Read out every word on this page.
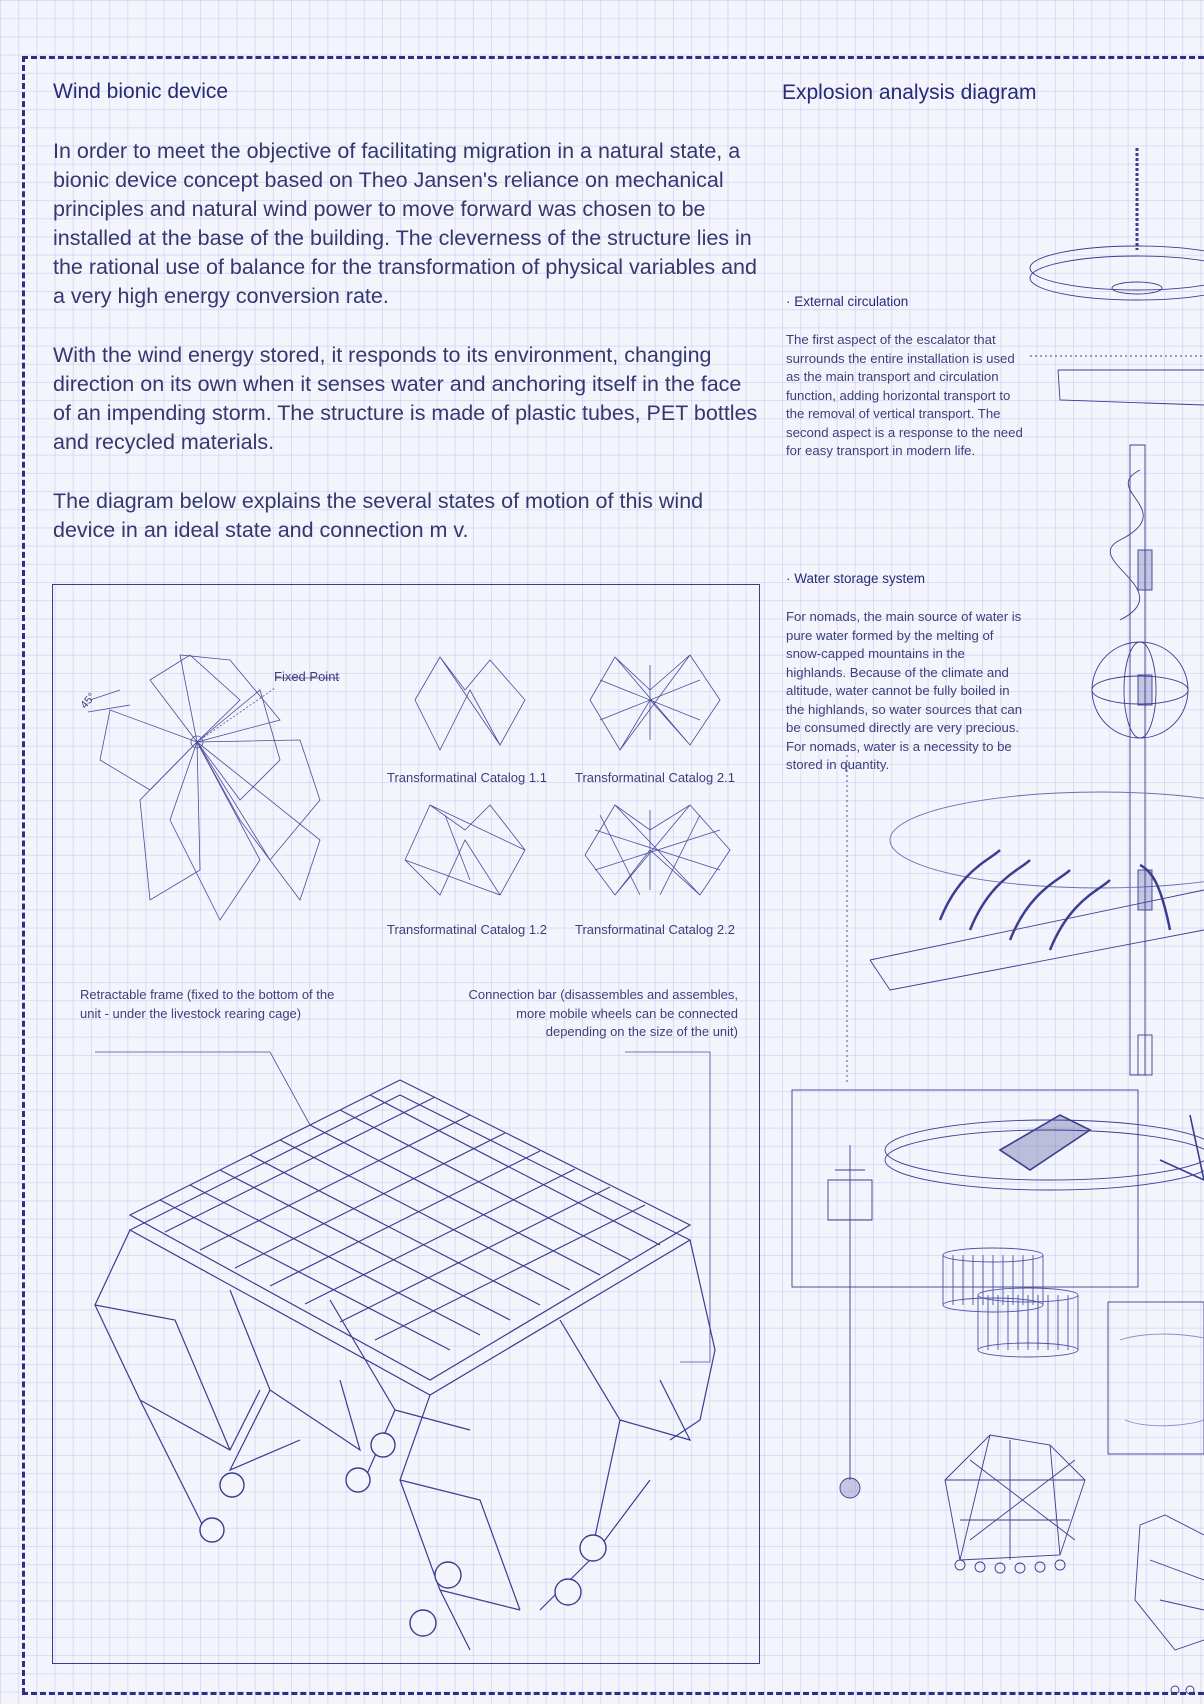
Wind bionic device

In order to meet the objective of facilitating migration in a natural state, a bionic device concept based on Theo Jansen's reliance on mechanical principles and natural wind power to move forward was chosen to be installed at the base of the building. The cleverness of the structure lies in the rational use of balance for the transformation of physical variables and a very high energy conversion rate.

With the wind energy stored, it responds to its environment, changing direction on its own when it senses water and anchoring itself in the face of an impending storm. The structure is made of plastic tubes, PET bottles and recycled materials.

The diagram below explains the several states of motion of this wind device in an ideal state and connection m v.

Fixed Point
45°
Transformatinal Catalog 1.1 Transformatinal Catalog 2.1
Transformatinal Catalog 1.2 Transformatinal Catalog 2.2

Retractable frame (fixed to the bottom of the unit - under the livestock rearing cage)

Connection bar (disassembles and assembles, more mobile wheels can be connected depending on the size of the unit)

Explosion analysis diagram
· External circulation

The first aspect of the escalator that surrounds the entire installation is used as the main transport and circulation function, adding horizontal transport to the removal of vertical transport. The second aspect is a response to the need for easy transport in modern life.

· Water storage system

For nomads, the main source of water is pure water formed by the melting of snow-capped mountains in the highlands. Because of the climate and altitude, water cannot be fully boiled in the highlands, so water sources that can be consumed directly are very precious. For nomads, water is a necessity to be stored in quantity.
